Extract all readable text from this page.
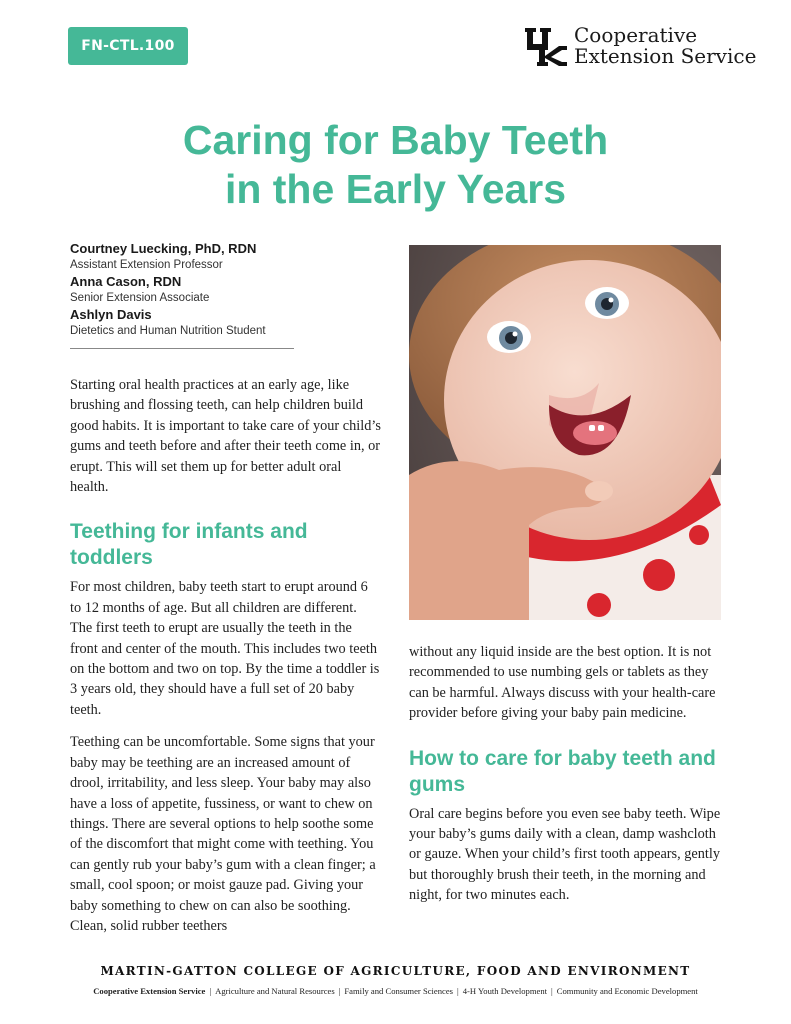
FN-CTL.100	Cooperative
Extension Service
Caring for Baby Teeth
in the Early Years
Courtney Luecking, PhD, RDN
Assistant Extension Professor
Anna Cason, RDN
Senior Extension Associate
Ashlyn Davis
Dietetics and Human Nutrition Student

Starting oral health practices at an early age, like brushing and flossing teeth, can help children build good habits. It is important to take care of your child’s gums and teeth before and after their teeth come in, or erupt. This will set them up for better adult oral health.

Teething for infants and toddlers

For most children, baby teeth start to erupt around 6 to 12 months of age. But all children are different. The first teeth to erupt are usually the teeth in the front and center of the mouth. This includes two teeth on the bottom and two on top. By the time a toddler is 3 years old, they should have a full set of 20 baby teeth.

Teething can be uncomfortable. Some signs that your baby may be teething are an increased amount of drool, irritability, and less sleep. Your baby may also have a loss of appetite, fussiness, or want to chew on things. There are several options to help soothe some of the discomfort that might come with teething. You can gently rub your baby’s gum with a clean finger; a small, cool spoon; or moist gauze pad. Giving your baby something to chew on can also be soothing. Clean, solid rubber teethers

without any liquid inside are the best option. It is not recommended to use numbing gels or tablets as they can be harmful. Always discuss with your health-care provider before giving your baby pain medicine.

How to care for baby teeth and gums

Oral care begins before you even see baby teeth. Wipe your baby’s gums daily with a clean, damp washcloth or gauze. When your child’s first tooth appears, gently but thoroughly brush their teeth, in the morning and night, for two minutes each.

MARTIN-GATTON COLLEGE OF AGRICULTURE, FOOD AND ENVIRONMENT
Cooperative Extension Service | Agriculture and Natural Resources | Family and Consumer Sciences | 4-H Youth Development | Community and Economic Development
